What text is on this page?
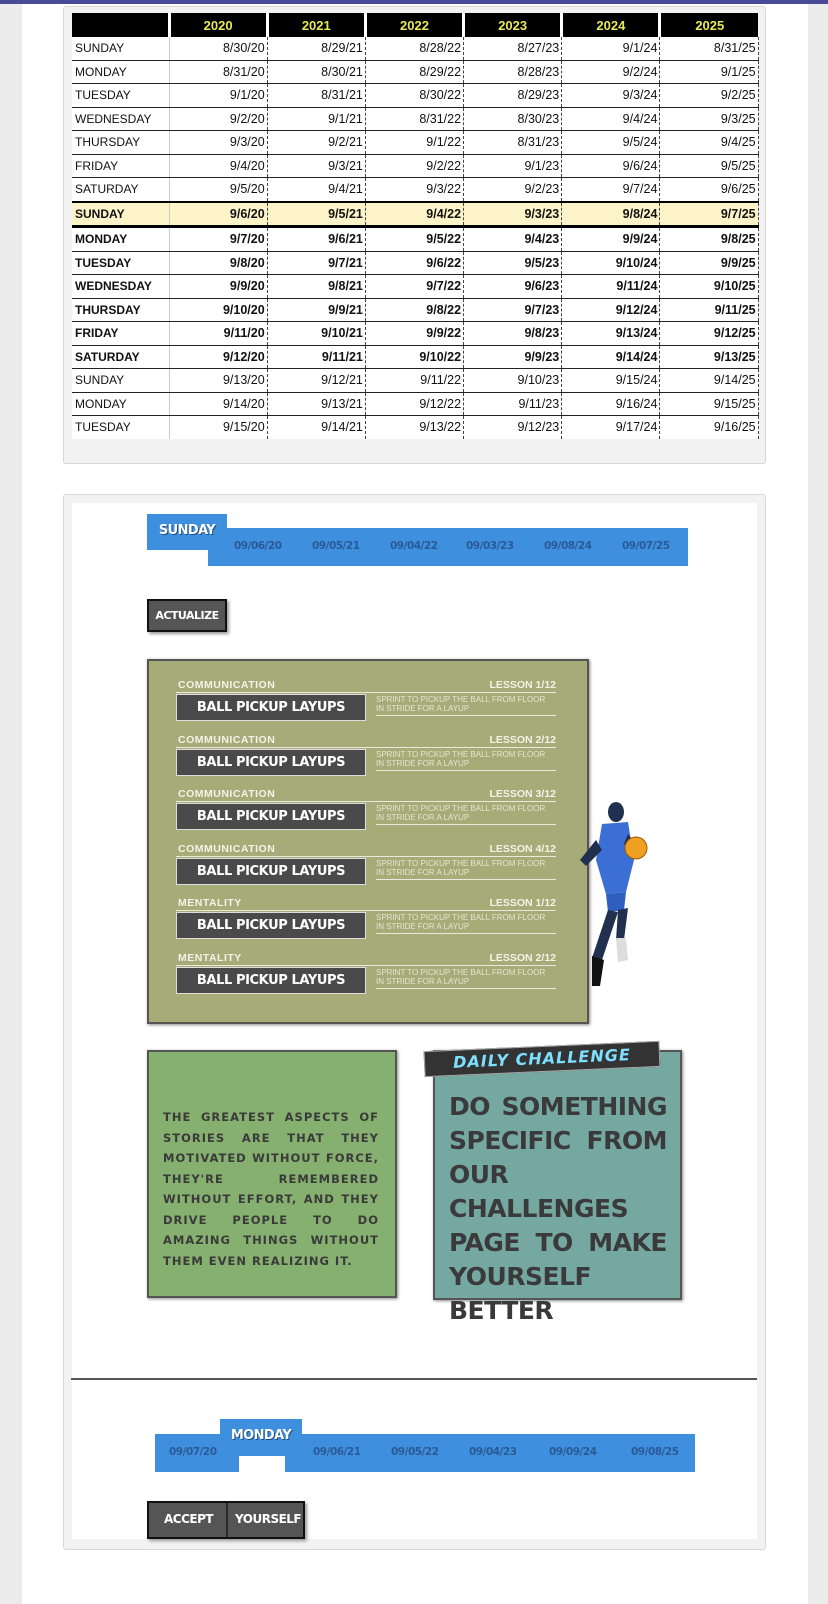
	2020	2021	2022	2023	2024	2025
SUNDAY	8/30/20	8/29/21	8/28/22	8/27/23	9/1/24	8/31/25
MONDAY	8/31/20	8/30/21	8/29/22	8/28/23	9/2/24	9/1/25
TUESDAY	9/1/20	8/31/21	8/30/22	8/29/23	9/3/24	9/2/25
WEDNESDAY	9/2/20	9/1/21	8/31/22	8/30/23	9/4/24	9/3/25
THURSDAY	9/3/20	9/2/21	9/1/22	8/31/23	9/5/24	9/4/25
FRIDAY	9/4/20	9/3/21	9/2/22	9/1/23	9/6/24	9/5/25
SATURDAY	9/5/20	9/4/21	9/3/22	9/2/23	9/7/24	9/6/25
SUNDAY	9/6/20	9/5/21	9/4/22	9/3/23	9/8/24	9/7/25
MONDAY	9/7/20	9/6/21	9/5/22	9/4/23	9/9/24	9/8/25
TUESDAY	9/8/20	9/7/21	9/6/22	9/5/23	9/10/24	9/9/25
WEDNESDAY	9/9/20	9/8/21	9/7/22	9/6/23	9/11/24	9/10/25
THURSDAY	9/10/20	9/9/21	9/8/22	9/7/23	9/12/24	9/11/25
FRIDAY	9/11/20	9/10/21	9/9/22	9/8/23	9/13/24	9/12/25
SATURDAY	9/12/20	9/11/21	9/10/22	9/9/23	9/14/24	9/13/25
SUNDAY	9/13/20	9/12/21	9/11/22	9/10/23	9/15/24	9/14/25
MONDAY	9/14/20	9/13/21	9/12/22	9/11/23	9/16/24	9/15/25
TUESDAY	9/15/20	9/14/21	9/13/22	9/12/23	9/17/24	9/16/25
09/06/20	09/05/21	09/04/22	09/03/23	09/08/24	09/07/25
SUNDAY
ACTUALIZE
COMMUNICATION	LESSON 1/12
BALL PICKUP LAYUPS
SPRINT TO PICKUP THE BALL FROM FLOOR IN STRIDE FOR A LAYUP
COMMUNICATION	LESSON 2/12
BALL PICKUP LAYUPS
SPRINT TO PICKUP THE BALL FROM FLOOR IN STRIDE FOR A LAYUP
COMMUNICATION	LESSON 3/12
BALL PICKUP LAYUPS
SPRINT TO PICKUP THE BALL FROM FLOOR IN STRIDE FOR A LAYUP
COMMUNICATION	LESSON 4/12
BALL PICKUP LAYUPS
SPRINT TO PICKUP THE BALL FROM FLOOR IN STRIDE FOR A LAYUP
MENTALITY	LESSON 1/12
BALL PICKUP LAYUPS
SPRINT TO PICKUP THE BALL FROM FLOOR IN STRIDE FOR A LAYUP
MENTALITY	LESSON 2/12
BALL PICKUP LAYUPS
SPRINT TO PICKUP THE BALL FROM FLOOR IN STRIDE FOR A LAYUP
THE GREATEST ASPECTS OF STORIES ARE THAT THEY MOTIVATED WITHOUT FORCE, THEY'RE REMEMBERED WITHOUT EFFORT, AND THEY DRIVE PEOPLE TO DO AMAZING THINGS WITHOUT THEM EVEN REALIZING IT.
DO SOMETHING SPECIFIC FROM OUR CHALLENGES PAGE TO MAKE YOURSELF BETTER
DAILY CHALLENGE
09/07/20	09/06/21	09/05/22	09/04/23	09/09/24	09/08/25
MONDAY
ACCEPT YOURSELF
